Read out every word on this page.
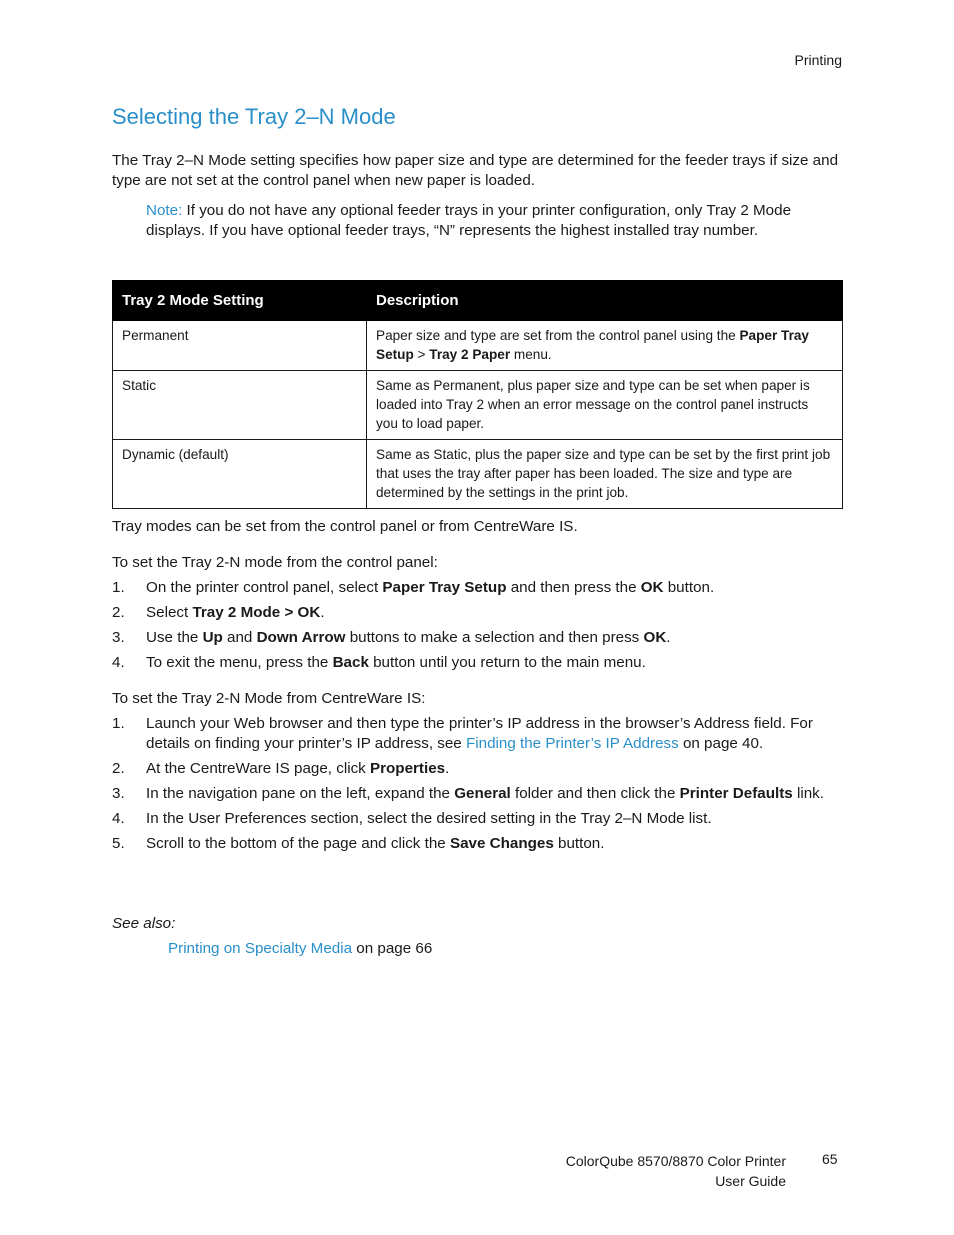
Printing
Selecting the Tray 2–N Mode

The Tray 2–N Mode setting specifies how paper size and type are determined for the feeder trays if size and type are not set at the control panel when new paper is loaded.

Note: If you do not have any optional feeder trays in your printer configuration, only Tray 2 Mode displays. If you have optional feeder trays, “N” represents the highest installed tray number.

Tray 2 Mode Setting	Description
Permanent	Paper size and type are set from the control panel using the Paper Tray Setup > Tray 2 Paper menu.
Static	Same as Permanent, plus paper size and type can be set when paper is loaded into Tray 2 when an error message on the control panel instructs you to load paper.
Dynamic (default)	Same as Static, plus the paper size and type can be set by the first print job that uses the tray after paper has been loaded. The size and type are determined by the settings in the print job.

Tray modes can be set from the control panel or from CentreWare IS.

To set the Tray 2-N mode from the control panel:

1. On the printer control panel, select Paper Tray Setup and then press the OK button.
2. Select Tray 2 Mode > OK.
3. Use the Up and Down Arrow buttons to make a selection and then press OK.
4. To exit the menu, press the Back button until you return to the main menu.

To set the Tray 2-N Mode from CentreWare IS:

1. Launch your Web browser and then type the printer’s IP address in the browser’s Address field. For details on finding your printer’s IP address, see Finding the Printer’s IP Address on page 40.
2. At the CentreWare IS page, click Properties.
3. In the navigation pane on the left, expand the General folder and then click the Printer Defaults link.
4. In the User Preferences section, select the desired setting in the Tray 2–N Mode list.
5. Scroll to the bottom of the page and click the Save Changes button.
See also:
Printing on Specialty Media on page 66
ColorQube 8570/8870 Color Printer
User Guide
65
